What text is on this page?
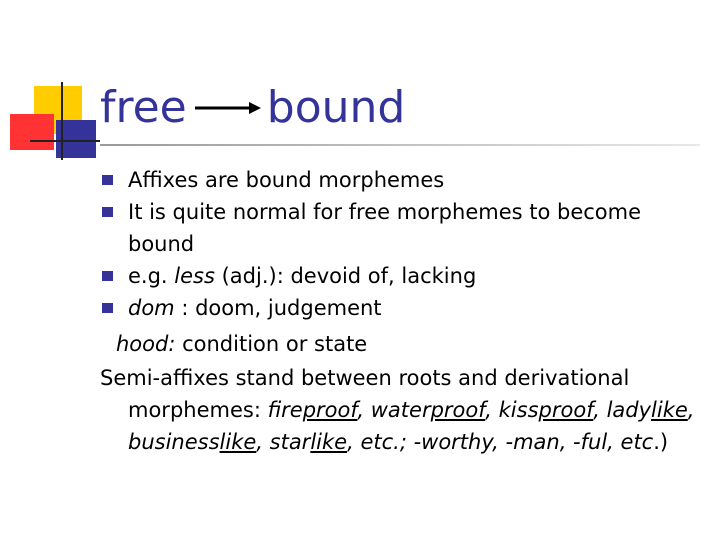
free bound
Affixes are bound morphemes
It is quite normal for free morphemes to become bound
e.g. less (adj.): devoid of, lacking
dom : doom, judgement
hood: condition or state
Semi-affixes stand between roots and derivational morphemes: fireproof, waterproof, kissproof, ladylike, businesslike, starlike, etc.; -worthy, -man, -ful, etc.)
